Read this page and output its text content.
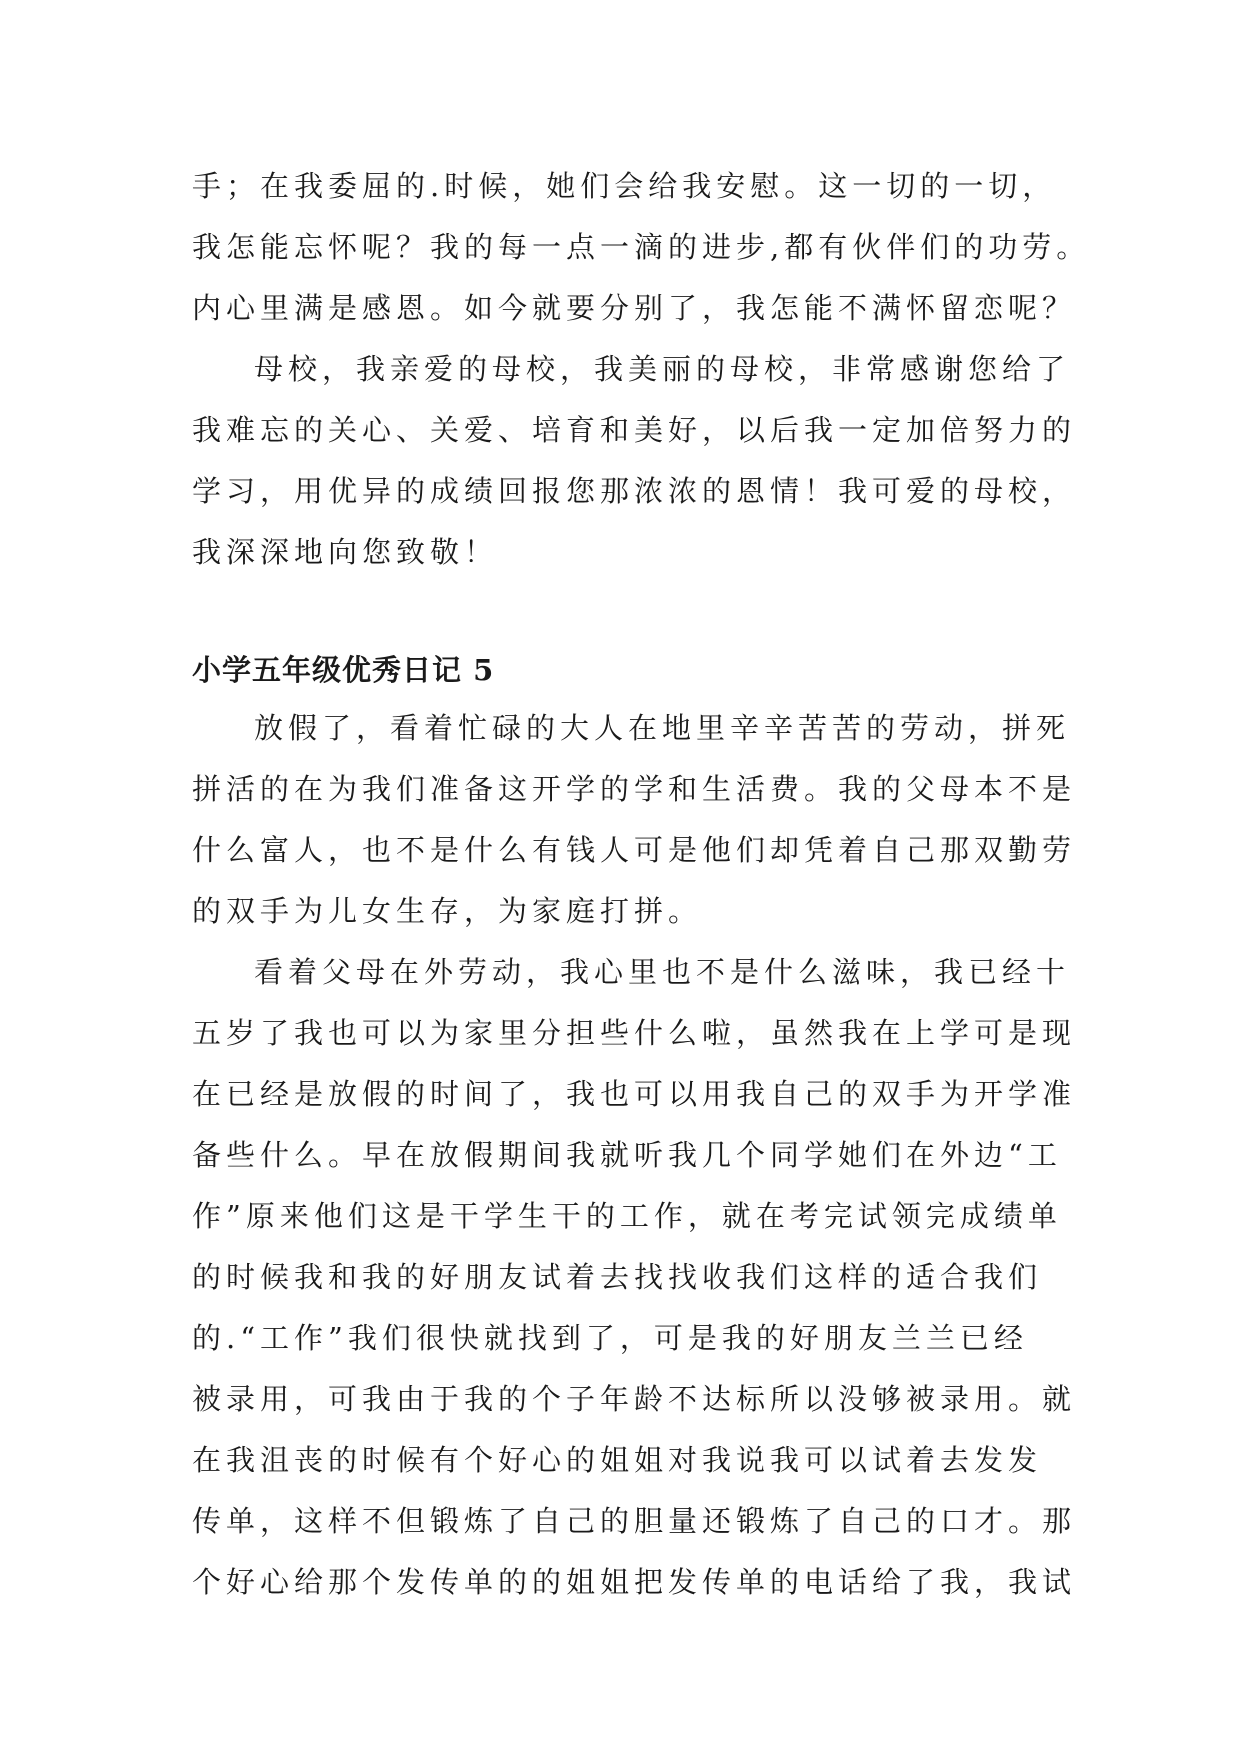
手；在我委屈的.时候，她们会给我安慰。这一切的一切，

我怎能忘怀呢？我的每一点一滴的进步,都有伙伴们的功劳。

内心里满是感恩。如今就要分别了，我怎能不满怀留恋呢？

母校，我亲爱的母校，我美丽的母校，非常感谢您给了

我难忘的关心、关爱、培育和美好，以后我一定加倍努力的

学习，用优异的成绩回报您那浓浓的恩情！我可爱的母校，

我深深地向您致敬！

小学五年级优秀日记 5

放假了，看着忙碌的大人在地里辛辛苦苦的劳动，拼死

拼活的在为我们准备这开学的学和生活费。我的父母本不是

什么富人，也不是什么有钱人可是他们却凭着自己那双勤劳

的双手为儿女生存，为家庭打拼。

看着父母在外劳动，我心里也不是什么滋味，我已经十

五岁了我也可以为家里分担些什么啦，虽然我在上学可是现

在已经是放假的时间了，我也可以用我自己的双手为开学准

备些什么。早在放假期间我就听我几个同学她们在外边“工

作”原来他们这是干学生干的工作，就在考完试领完成绩单

的时候我和我的好朋友试着去找找收我们这样的适合我们

的.“工作”我们很快就找到了，可是我的好朋友兰兰已经

被录用，可我由于我的个子年龄不达标所以没够被录用。就

在我沮丧的时候有个好心的姐姐对我说我可以试着去发发

传单，这样不但锻炼了自己的胆量还锻炼了自己的口才。那

个好心给那个发传单的的姐姐把发传单的电话给了我，我试
